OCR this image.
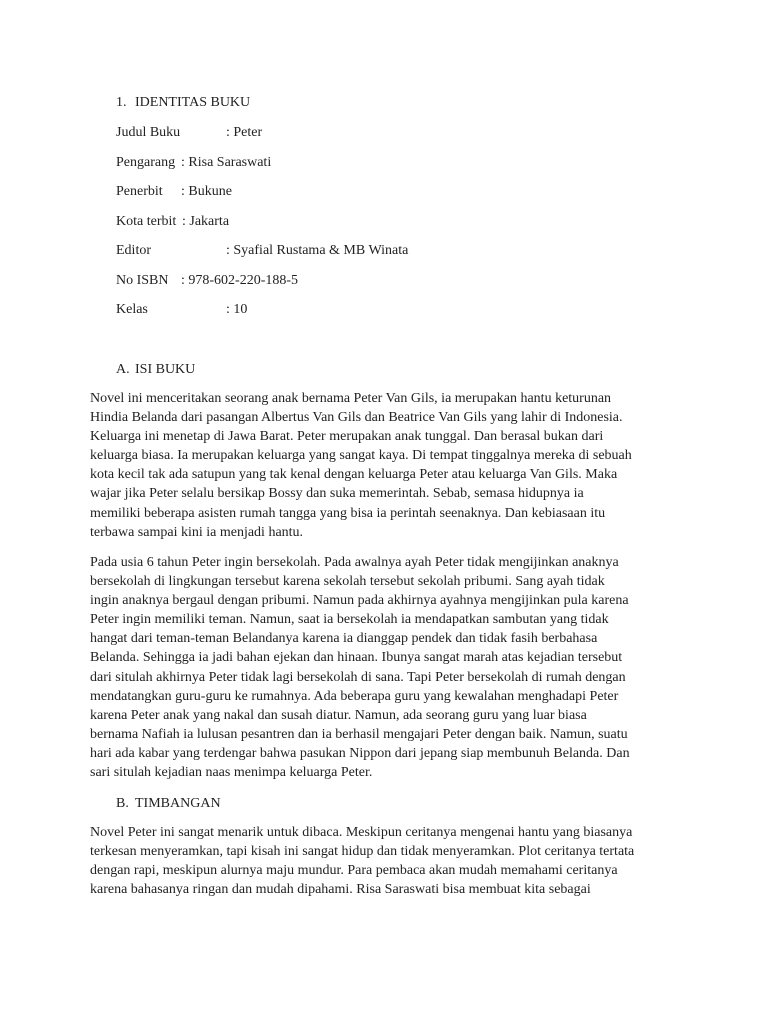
1. IDENTITAS BUKU
Judul Buku	: Peter
Pengarang : Risa Saraswati
Penerbit : Bukune
Kota terbit : Jakarta
Editor	: Syafial Rustama & MB Winata
No ISBN : 978-602-220-188-5
Kelas	: 10
A. ISI BUKU
Novel ini menceritakan seorang anak bernama Peter Van Gils, ia merupakan hantu keturunan
Hindia Belanda dari pasangan Albertus Van Gils dan Beatrice Van Gils yang lahir di Indonesia.
Keluarga ini menetap di Jawa Barat. Peter merupakan anak tunggal. Dan berasal bukan dari
keluarga biasa. Ia merupakan keluarga yang sangat kaya. Di tempat tinggalnya mereka di sebuah
kota kecil tak ada satupun yang tak kenal dengan keluarga Peter atau keluarga Van Gils. Maka
wajar jika Peter selalu bersikap Bossy dan suka memerintah. Sebab, semasa hidupnya ia
memiliki beberapa asisten rumah tangga yang bisa ia perintah seenaknya. Dan kebiasaan itu
terbawa sampai kini ia menjadi hantu.
Pada usia 6 tahun Peter ingin bersekolah. Pada awalnya ayah Peter tidak mengijinkan anaknya
bersekolah di lingkungan tersebut karena sekolah tersebut sekolah pribumi. Sang ayah tidak
ingin anaknya bergaul dengan pribumi. Namun pada akhirnya ayahnya mengijinkan pula karena
Peter ingin memiliki teman. Namun, saat ia bersekolah ia mendapatkan sambutan yang tidak
hangat dari teman-teman Belandanya karena ia dianggap pendek dan tidak fasih berbahasa
Belanda. Sehingga ia jadi bahan ejekan dan hinaan. Ibunya sangat marah atas kejadian tersebut
dari situlah akhirnya Peter tidak lagi bersekolah di sana. Tapi Peter bersekolah di rumah dengan
mendatangkan guru-guru ke rumahnya. Ada beberapa guru yang kewalahan menghadapi Peter
karena Peter anak yang nakal dan susah diatur. Namun, ada seorang guru yang luar biasa
bernama Nafiah ia lulusan pesantren dan ia berhasil mengajari Peter dengan baik. Namun, suatu
hari ada kabar yang terdengar bahwa pasukan Nippon dari jepang siap membunuh Belanda. Dan
sari situlah kejadian naas menimpa keluarga Peter.
B. TIMBANGAN
Novel Peter ini sangat menarik untuk dibaca. Meskipun ceritanya mengenai hantu yang biasanya
terkesan menyeramkan, tapi kisah ini sangat hidup dan tidak menyeramkan. Plot ceritanya tertata
dengan rapi, meskipun alurnya maju mundur. Para pembaca akan mudah memahami ceritanya
karena bahasanya ringan dan mudah dipahami. Risa Saraswati bisa membuat kita sebagai
